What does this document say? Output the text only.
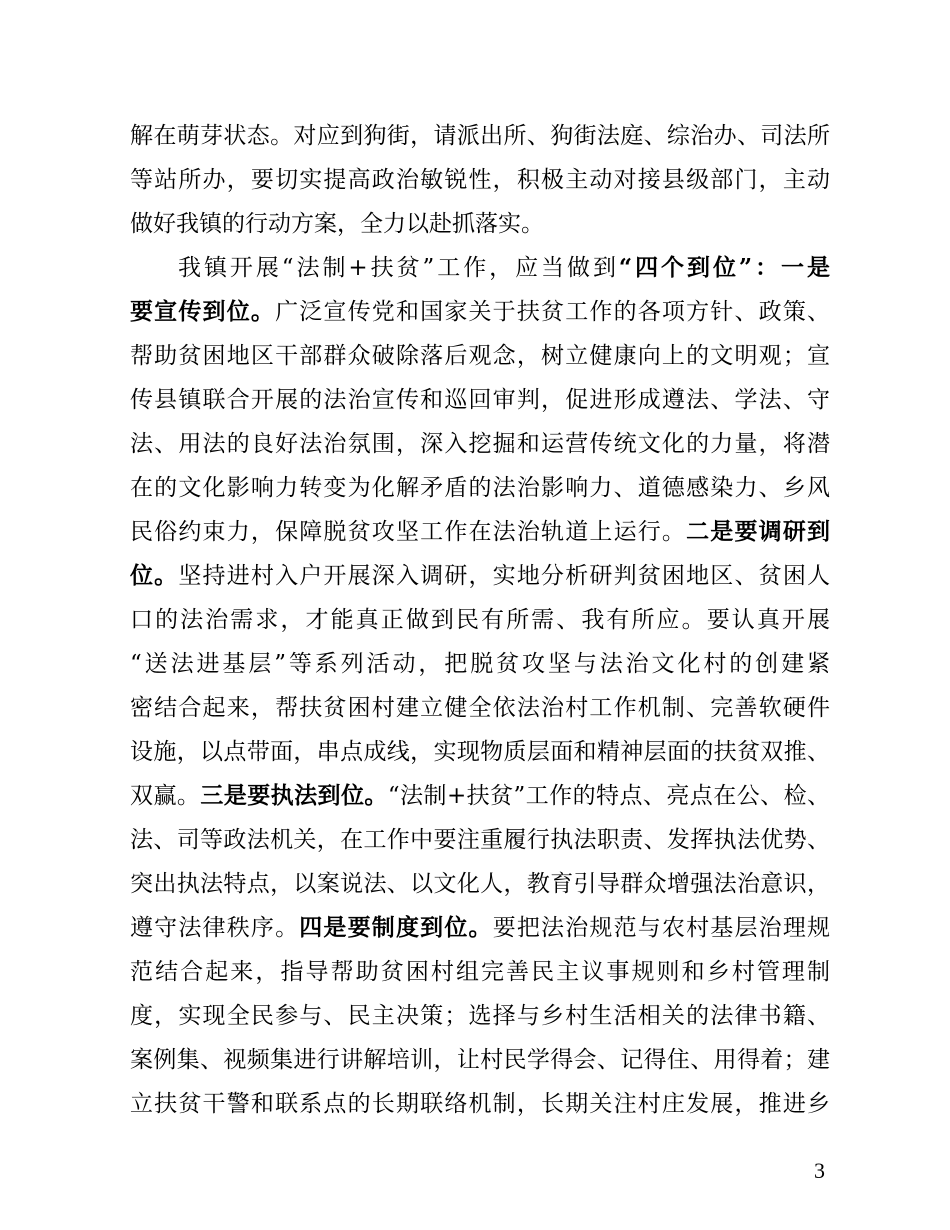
解在萌芽状态。对应到狗街，请派出所、狗街法庭、综治办、司法所
等站所办，要切实提高政治敏锐性，积极主动对接县级部门，主动
做好我镇的行动方案，全力以赴抓落实。
我镇开展“法制+扶贫”工作，应当做到“四个到位”：一是
要宣传到位。广泛宣传党和国家关于扶贫工作的各项方针、政策、
帮助贫困地区干部群众破除落后观念，树立健康向上的文明观；宣
传县镇联合开展的法治宣传和巡回审判，促进形成遵法、学法、守
法、用法的良好法治氛围，深入挖掘和运营传统文化的力量，将潜
在的文化影响力转变为化解矛盾的法治影响力、道德感染力、乡风
民俗约束力，保障脱贫攻坚工作在法治轨道上运行。二是要调研到
位。坚持进村入户开展深入调研，实地分析研判贫困地区、贫困人
口的法治需求，才能真正做到民有所需、我有所应。要认真开展
“送法进基层”等系列活动，把脱贫攻坚与法治文化村的创建紧
密结合起来，帮扶贫困村建立健全依法治村工作机制、完善软硬件
设施，以点带面，串点成线，实现物质层面和精神层面的扶贫双推、
双赢。三是要执法到位。“法制+扶贫”工作的特点、亮点在公、检、
法、司等政法机关，在工作中要注重履行执法职责、发挥执法优势、
突出执法特点，以案说法、以文化人，教育引导群众增强法治意识，
遵守法律秩序。四是要制度到位。要把法治规范与农村基层治理规
范结合起来，指导帮助贫困村组完善民主议事规则和乡村管理制
度，实现全民参与、民主决策；选择与乡村生活相关的法律书籍、
案例集、视频集进行讲解培训，让村民学得会、记得住、用得着；建
立扶贫干警和联系点的长期联络机制，长期关注村庄发展，推进乡
3
